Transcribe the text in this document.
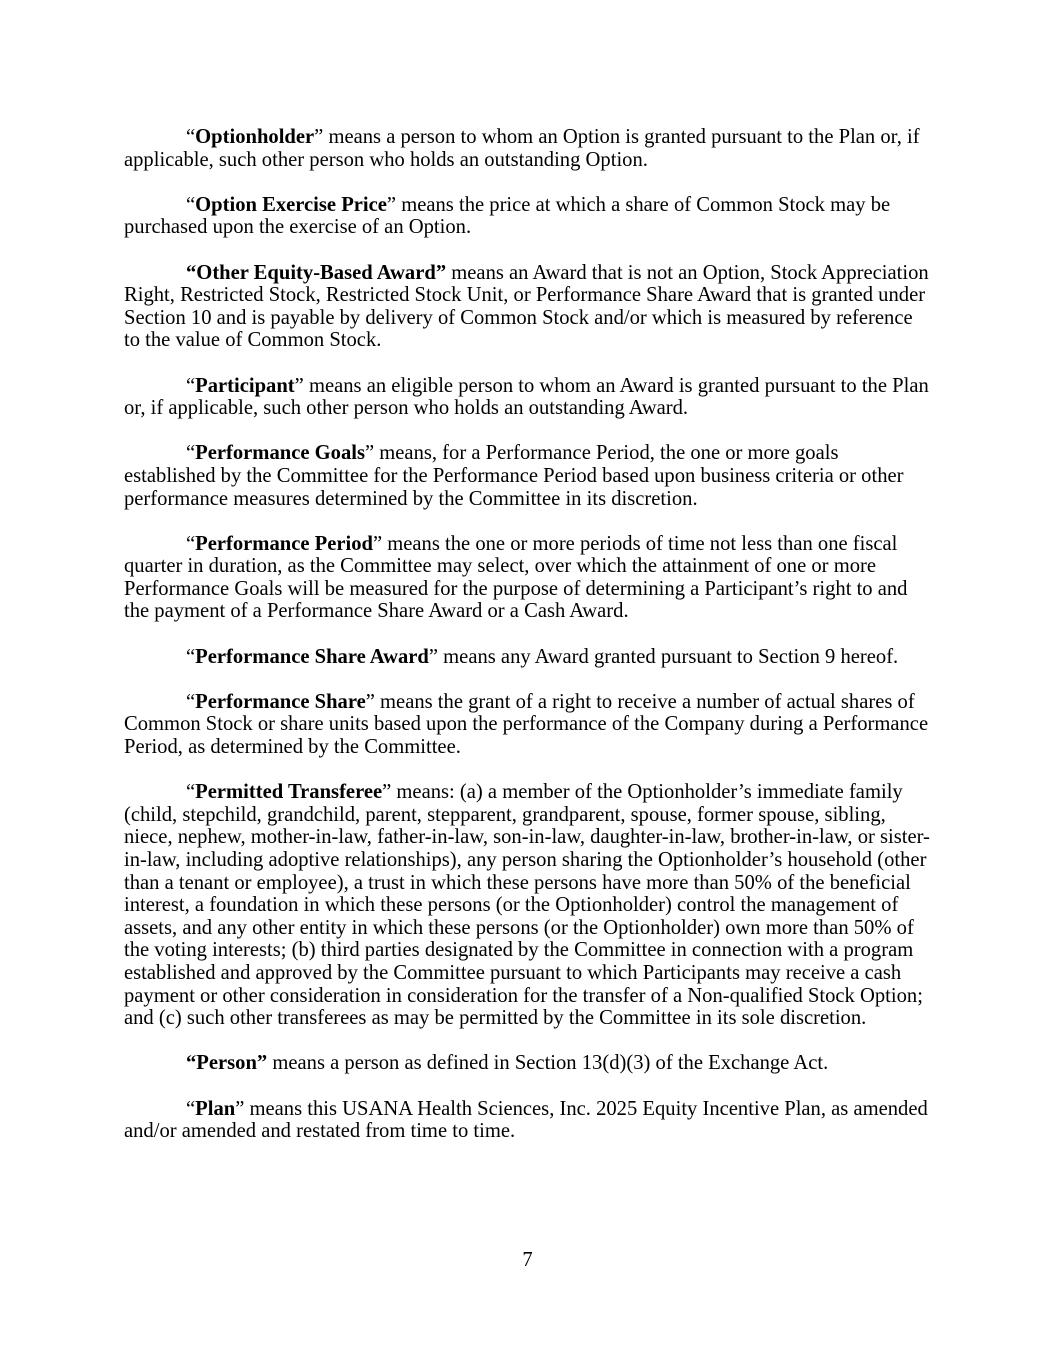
“Optionholder” means a person to whom an Option is granted pursuant to the Plan or, if applicable, such other person who holds an outstanding Option.

“Option Exercise Price” means the price at which a share of Common Stock may be purchased upon the exercise of an Option.

“Other Equity-Based Award” means an Award that is not an Option, Stock Appreciation Right, Restricted Stock, Restricted Stock Unit, or Performance Share Award that is granted under Section 10 and is payable by delivery of Common Stock and/or which is measured by reference to the value of Common Stock.

“Participant” means an eligible person to whom an Award is granted pursuant to the Plan or, if applicable, such other person who holds an outstanding Award.

“Performance Goals” means, for a Performance Period, the one or more goals established by the Committee for the Performance Period based upon business criteria or other performance measures determined by the Committee in its discretion.

“Performance Period” means the one or more periods of time not less than one fiscal quarter in duration, as the Committee may select, over which the attainment of one or more Performance Goals will be measured for the purpose of determining a Participant’s right to and the payment of a Performance Share Award or a Cash Award.

“Performance Share Award” means any Award granted pursuant to Section 9 hereof.

“Performance Share” means the grant of a right to receive a number of actual shares of Common Stock or share units based upon the performance of the Company during a Performance Period, as determined by the Committee.

“Permitted Transferee” means: (a) a member of the Optionholder’s immediate family (child, stepchild, grandchild, parent, stepparent, grandparent, spouse, former spouse, sibling, niece, nephew, mother-in-law, father-in-law, son-in-law, daughter-in-law, brother-in-law, or sister-in-law, including adoptive relationships), any person sharing the Optionholder’s household (other than a tenant or employee), a trust in which these persons have more than 50% of the beneficial interest, a foundation in which these persons (or the Optionholder) control the management of assets, and any other entity in which these persons (or the Optionholder) own more than 50% of the voting interests; (b) third parties designated by the Committee in connection with a program established and approved by the Committee pursuant to which Participants may receive a cash payment or other consideration in consideration for the transfer of a Non-qualified Stock Option; and (c) such other transferees as may be permitted by the Committee in its sole discretion.

“Person” means a person as defined in Section 13(d)(3) of the Exchange Act.

“Plan” means this USANA Health Sciences, Inc. 2025 Equity Incentive Plan, as amended and/or amended and restated from time to time.

7
